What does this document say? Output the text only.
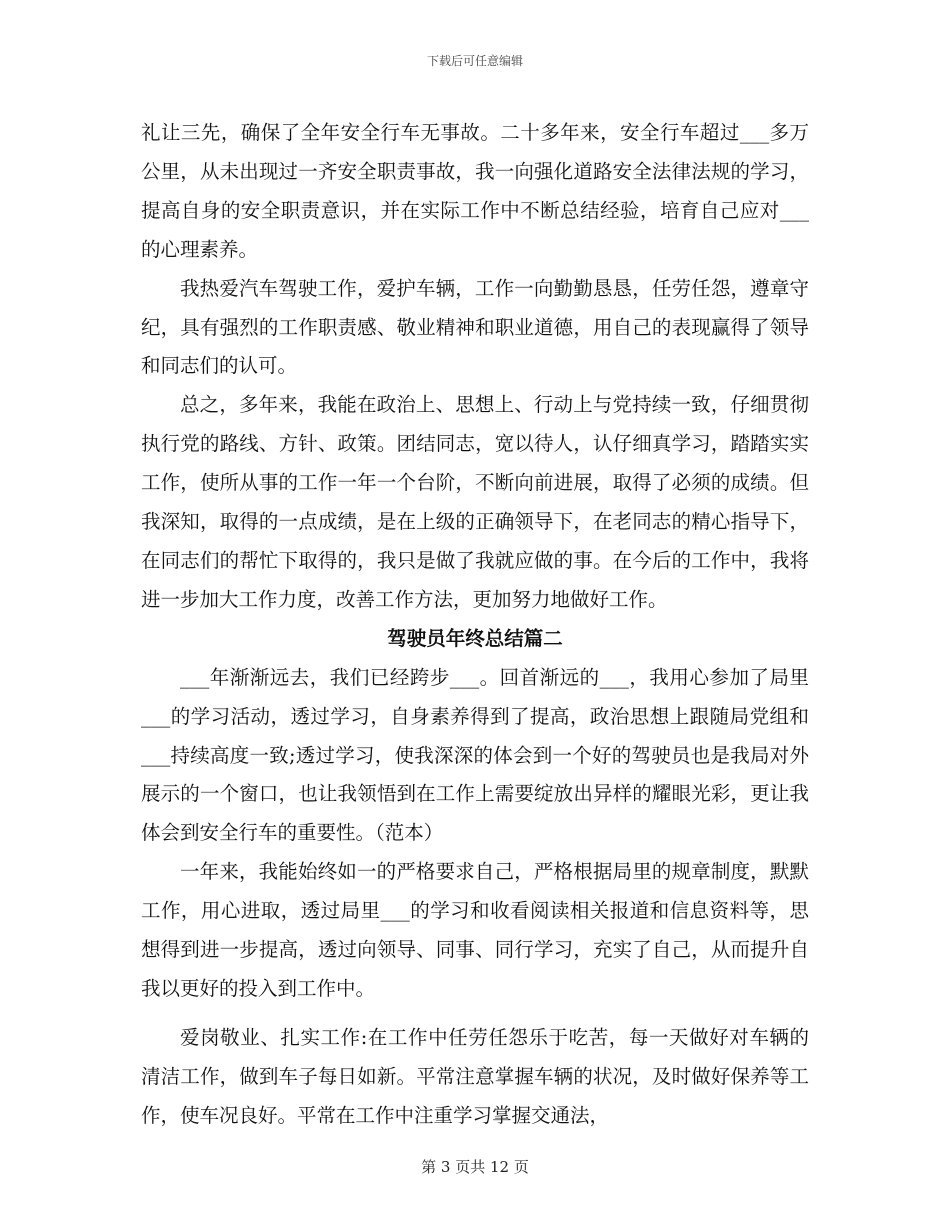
下载后可任意编辑

礼让三先，确保了全年安全行车无事故。二十多年来，安全行车超过___多万公里，从未出现过一齐安全职责事故，我一向强化道路安全法律法规的学习，提高自身的安全职责意识，并在实际工作中不断总结经验，培育自己应对___的心理素养。

我热爱汽车驾驶工作，爱护车辆，工作一向勤勤恳恳，任劳任怨，遵章守纪，具有强烈的工作职责感、敬业精神和职业道德，用自己的表现赢得了领导和同志们的认可。

总之，多年来，我能在政治上、思想上、行动上与党持续一致，仔细贯彻执行党的路线、方针、政策。团结同志，宽以待人，认仔细真学习，踏踏实实工作，使所从事的工作一年一个台阶，不断向前进展，取得了必须的成绩。但我深知，取得的一点成绩，是在上级的正确领导下，在老同志的精心指导下，在同志们的帮忙下取得的，我只是做了我就应做的事。在今后的工作中，我将进一步加大工作力度，改善工作方法，更加努力地做好工作。

驾驶员年终总结篇二

___年渐渐远去，我们已经跨步___。回首渐远的___，我用心参加了局里___的学习活动，透过学习，自身素养得到了提高，政治思想上跟随局党组和___持续高度一致;透过学习，使我深深的体会到一个好的驾驶员也是我局对外展示的一个窗口，也让我领悟到在工作上需要绽放出异样的耀眼光彩，更让我体会到安全行车的重要性。（范本）

一年来，我能始终如一的严格要求自己，严格根据局里的规章制度，默默工作，用心进取，透过局里___的学习和收看阅读相关报道和信息资料等，思想得到进一步提高，透过向领导、同事、同行学习，充实了自己，从而提升自我以更好的投入到工作中。

爱岗敬业、扎实工作:在工作中任劳任怨乐于吃苦，每一天做好对车辆的清洁工作，做到车子每日如新。平常注意掌握车辆的状况，及时做好保养等工作，使车况良好。平常在工作中注重学习掌握交通法，

第 3 页共 12 页
